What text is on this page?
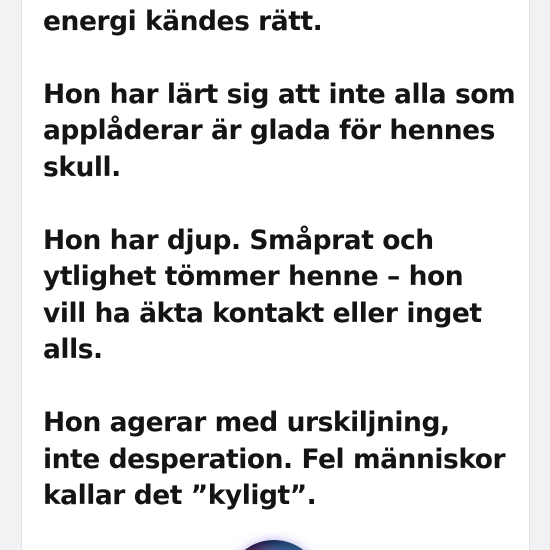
energi kändes rätt.

Hon har lärt sig att inte alla som
applåderar är glada för hennes
skull.

Hon har djup. Småprat och
ytlighet tömmer henne – hon
vill ha äkta kontakt eller inget
alls.

Hon agerar med urskiljning,
inte desperation. Fel människor
kallar det ”kyligt”.
